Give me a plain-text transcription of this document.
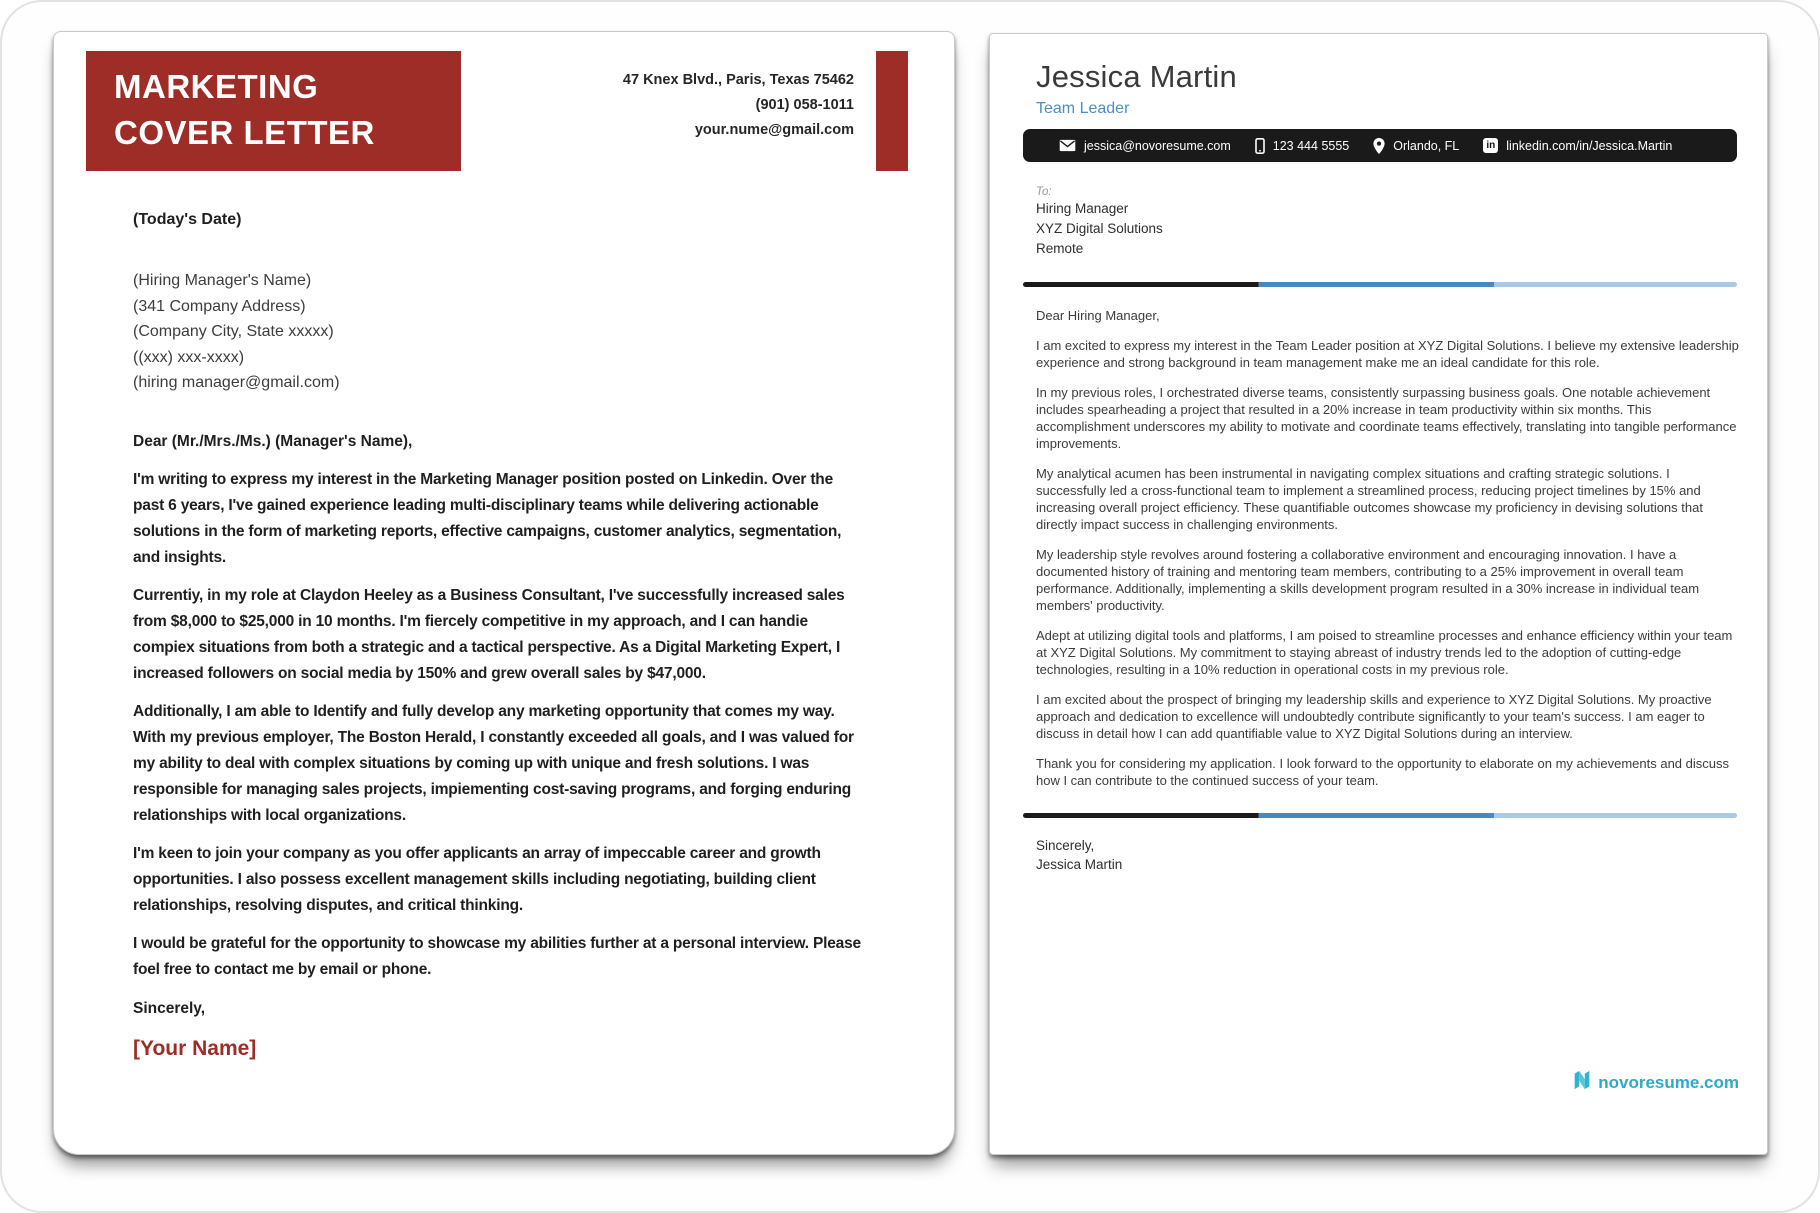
MARKETING
COVER LETTER
47 Knex Blvd., Paris, Texas 75462
(901) 058-1011
your.nume@gmail.com

(Today's Date)

(Hiring Manager's Name)
(341 Company Address)
(Company City, State xxxxx)
((xxx) xxx-xxxx)
(hiring manager@gmail.com)

Dear (Mr./Mrs./Ms.) (Manager's Name),

I'm writing to express my interest in the Marketing Manager position posted on Linkedin. Over the past 6 years, I've gained experience leading multi-disciplinary teams while delivering actionable solutions in the form of marketing reports, effective campaigns, customer analytics, segmentation, and insights.

Currentiy, in my role at Claydon Heeley as a Business Consultant, I've successfully increased sales from $8,000 to $25,000 in 10 months. I'm fiercely competitive in my approach, and I can handie compiex situations from both a strategic and a tactical perspective. As a Digital Marketing Expert, I increased followers on social media by 150% and grew overall sales by $47,000.

Additionally, I am able to Identify and fully develop any marketing opportunity that comes my way. With my previous employer, The Boston Herald, I constantly exceeded all goals, and I was valued for my ability to deal with complex situations by coming up with unique and fresh solutions. I was responsible for managing sales projects, impiementing cost-saving programs, and forging enduring relationships with local organizations.

I'm keen to join your company as you offer applicants an array of impeccable career and growth opportunities. I also possess excellent management skills including negotiating, building client relationships, resolving disputes, and critical thinking.

I would be grateful for the opportunity to showcase my abilities further at a personal interview. Please foel free to contact me by email or phone.

Sincerely,

[Your Name]

Jessica Martin
Team Leader
jessica@novoresume.com	123 444 5555	Orlando, FL	in linkedin.com/in/Jessica.Martin
To:
Hiring Manager
XYZ Digital Solutions
Remote

Dear Hiring Manager,

I am excited to express my interest in the Team Leader position at XYZ Digital Solutions. I believe my extensive leadership experience and strong background in team management make me an ideal candidate for this role.

In my previous roles, I orchestrated diverse teams, consistently surpassing business goals. One notable achievement includes spearheading a project that resulted in a 20% increase in team productivity within six months. This accomplishment underscores my ability to motivate and coordinate teams effectively, translating into tangible performance improvements.

My analytical acumen has been instrumental in navigating complex situations and crafting strategic solutions. I successfully led a cross-functional team to implement a streamlined process, reducing project timelines by 15% and increasing overall project efficiency. These quantifiable outcomes showcase my proficiency in devising solutions that directly impact success in challenging environments.

My leadership style revolves around fostering a collaborative environment and encouraging innovation. I have a documented history of training and mentoring team members, contributing to a 25% improvement in overall team performance. Additionally, implementing a skills development program resulted in a 30% increase in individual team members' productivity.

Adept at utilizing digital tools and platforms, I am poised to streamline processes and enhance efficiency within your team at XYZ Digital Solutions. My commitment to staying abreast of industry trends led to the adoption of cutting-edge technologies, resulting in a 10% reduction in operational costs in my previous role.

I am excited about the prospect of bringing my leadership skills and experience to XYZ Digital Solutions. My proactive approach and dedication to excellence will undoubtedly contribute significantly to your team's success. I am eager to discuss in detail how I can add quantifiable value to XYZ Digital Solutions during an interview.

Thank you for considering my application. I look forward to the opportunity to elaborate on my achievements and discuss how I can contribute to the continued success of your team.

Sincerely,
Jessica Martin
novoresume.com
